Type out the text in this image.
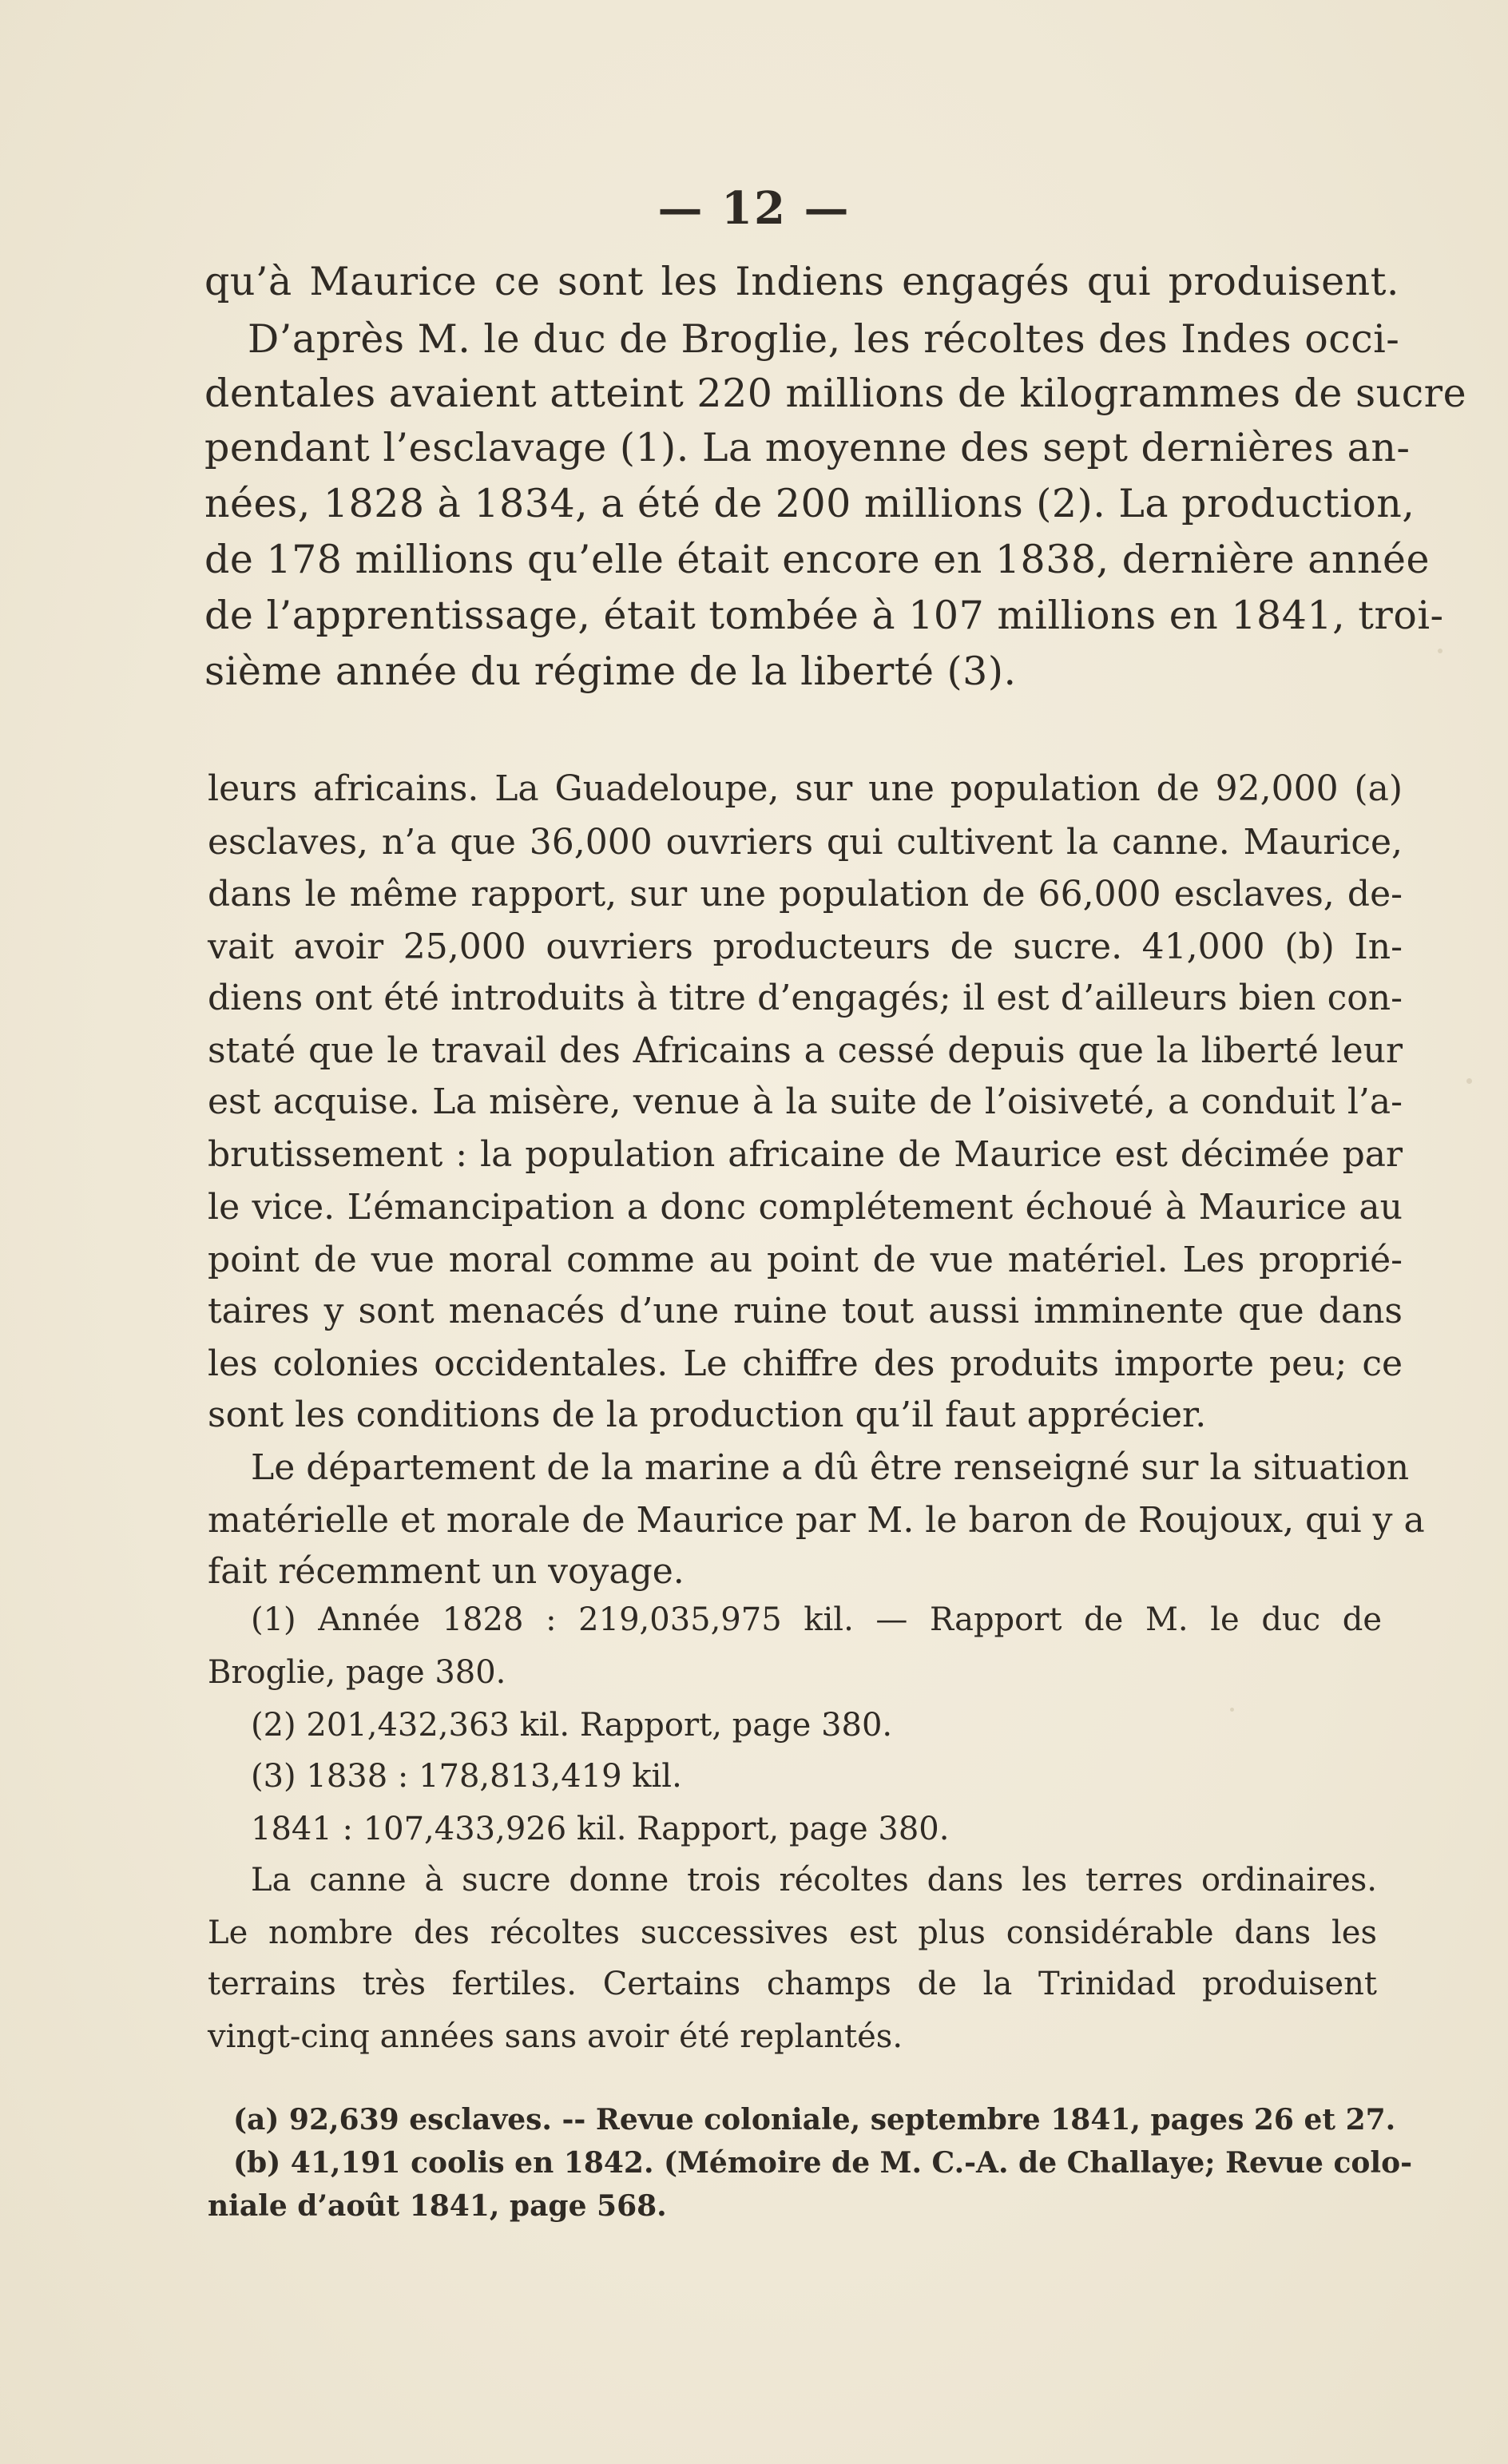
— 12 —
qu’à Maurice ce sont les Indiens engagés qui produisent.
D’après M. le duc de Broglie, les récoltes des Indes occi-
dentales avaient atteint 220 millions de kilogrammes de sucre
pendant l’esclavage (1). La moyenne des sept dernières an-
nées, 1828 à 1834, a été de 200 millions (2). La production,
de 178 millions qu’elle était encore en 1838, dernière année
de l’apprentissage, était tombée à 107 millions en 1841, troi-
sième année du régime de la liberté (3).
leurs africains. La Guadeloupe, sur une population de 92,000 (a)
esclaves, n’a que 36,000 ouvriers qui cultivent la canne. Maurice,
dans le même rapport, sur une population de 66,000 esclaves, de-
vait avoir 25,000 ouvriers producteurs de sucre. 41,000 (b) In-
diens ont été introduits à titre d’engagés; il est d’ailleurs bien con-
staté que le travail des Africains a cessé depuis que la liberté leur
est acquise. La misère, venue à la suite de l’oisiveté, a conduit l’a-
brutissement : la population africaine de Maurice est décimée par
le vice. L’émancipation a donc complétement échoué à Maurice au
point de vue moral comme au point de vue matériel. Les proprié-
taires y sont menacés d’une ruine tout aussi imminente que dans
les colonies occidentales. Le chiffre des produits importe peu; ce
sont les conditions de la production qu’il faut apprécier.
Le département de la marine a dû être renseigné sur la situation
matérielle et morale de Maurice par M. le baron de Roujoux, qui y a
fait récemment un voyage.
(1) Année 1828 : 219,035,975 kil. — Rapport de M. le duc de
Broglie, page 380.
(2) 201,432,363 kil. Rapport, page 380.
(3) 1838 : 178,813,419 kil.
1841 : 107,433,926 kil. Rapport, page 380.
La canne à sucre donne trois récoltes dans les terres ordinaires.
Le nombre des récoltes successives est plus considérable dans les
terrains très fertiles. Certains champs de la Trinidad produisent
vingt-cinq années sans avoir été replantés.
(a) 92,639 esclaves. -- Revue coloniale, septembre 1841, pages 26 et 27.
(b) 41,191 coolis en 1842. (Mémoire de M. C.-A. de Challaye; Revue colo-
niale d’août 1841, page 568.
